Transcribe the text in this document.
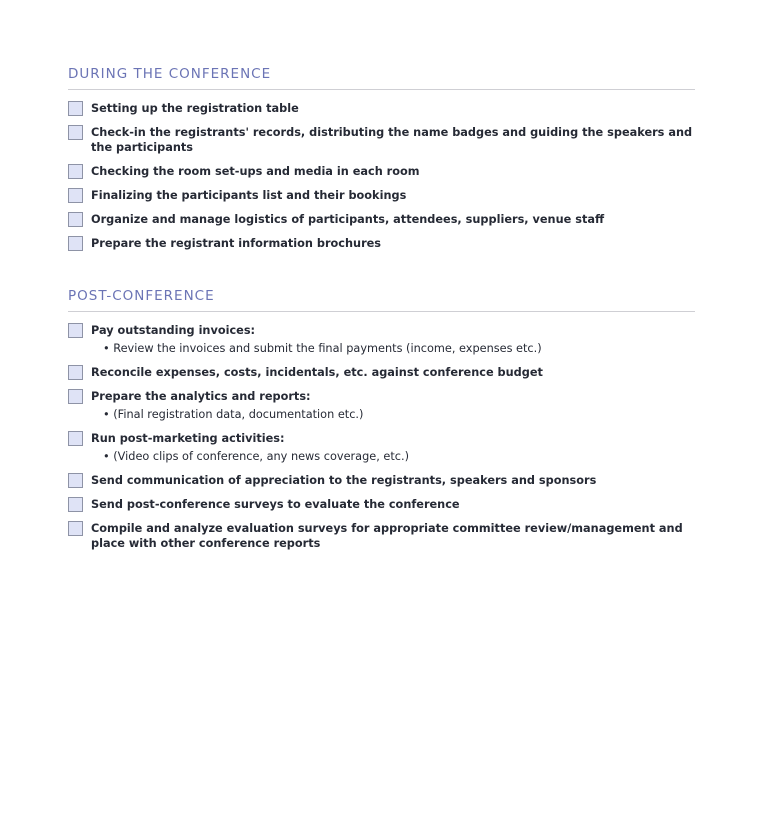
DURING THE CONFERENCE
Setting up the registration table
Check-in the registrants' records, distributing the name badges and guiding the speakers and the participants
Checking the room set-ups and media in each room
Finalizing the participants list and their bookings
Organize and manage logistics of participants, attendees, suppliers, venue staff
Prepare the registrant information brochures
POST-CONFERENCE
Pay outstanding invoices:
• Review the invoices and submit the final payments (income, expenses etc.)
Reconcile expenses, costs, incidentals, etc. against conference budget
Prepare the analytics and reports:
• (Final registration data, documentation etc.)
Run post-marketing activities:
• (Video clips of conference, any news coverage, etc.)
Send communication of appreciation to the registrants, speakers and sponsors
Send post-conference surveys to evaluate the conference
Compile and analyze evaluation surveys for appropriate committee review/management and place with other conference reports
